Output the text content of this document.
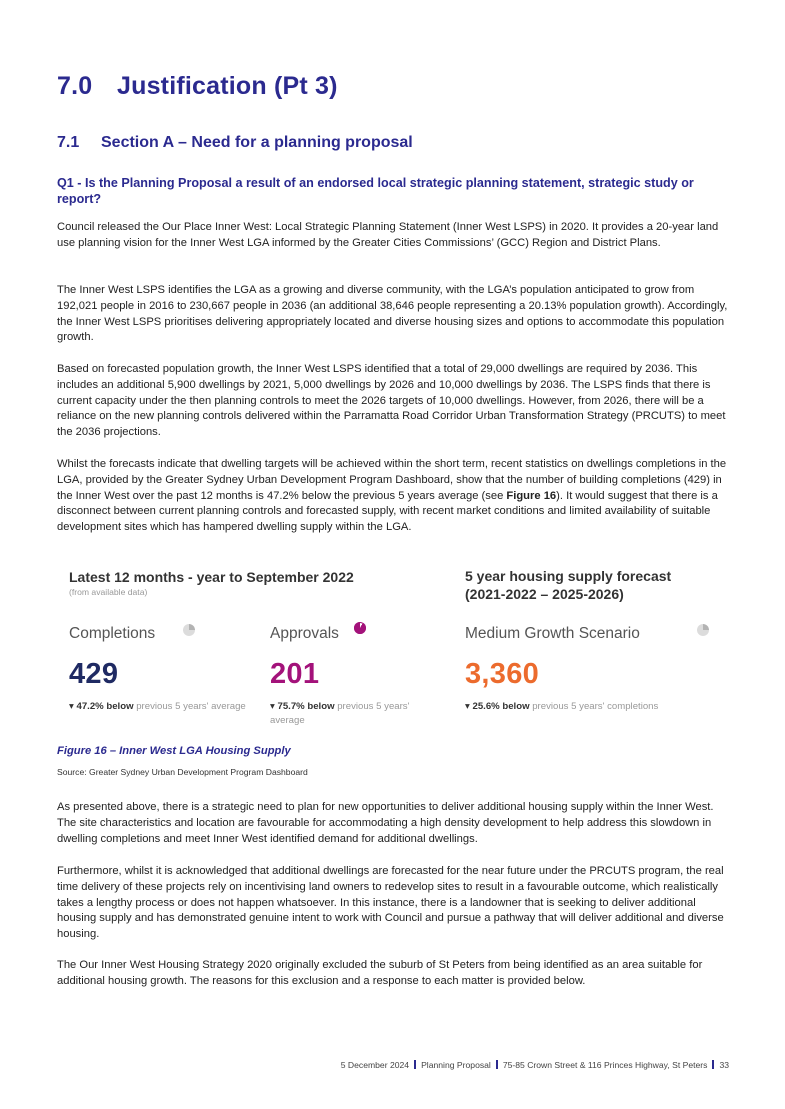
7.0 Justification (Pt 3)
7.1 Section A – Need for a planning proposal
Q1 - Is the Planning Proposal a result of an endorsed local strategic planning statement, strategic study or report?

Council released the Our Place Inner West: Local Strategic Planning Statement (Inner West LSPS) in 2020. It provides a 20-year land use planning vision for the Inner West LGA informed by the Greater Cities Commissions’ (GCC) Region and District Plans.

The Inner West LSPS identifies the LGA as a growing and diverse community, with the LGA’s population anticipated to grow from 192,021 people in 2016 to 230,667 people in 2036 (an additional 38,646 people representing a 20.13% population growth). Accordingly, the Inner West LSPS prioritises delivering appropriately located and diverse housing sizes and options to accommodate this population growth.

Based on forecasted population growth, the Inner West LSPS identified that a total of 29,000 dwellings are required by 2036. This includes an additional 5,900 dwellings by 2021, 5,000 dwellings by 2026 and 10,000 dwellings by 2036. The LSPS finds that there is current capacity under the then planning controls to meet the 2026 targets of 10,000 dwellings. However, from 2026, there will be a reliance on the new planning controls delivered within the Parramatta Road Corridor Urban Transformation Strategy (PRCUTS) to meet the 2036 projections.

Whilst the forecasts indicate that dwelling targets will be achieved within the short term, recent statistics on dwellings completions in the LGA, provided by the Greater Sydney Urban Development Program Dashboard, show that the number of building completions (429) in the Inner West over the past 12 months is 47.2% below the previous 5 years average (see Figure 16). It would suggest that there is a disconnect between current planning controls and forecasted supply, with recent market conditions and limited availability of suitable development sites which has hampered dwelling supply within the LGA.

Latest 12 months - year to September 2022
(from available data)
5 year housing supply forecast
(2021-2022 – 2025-2026)
Completions
429
▾ 47.2% below previous 5 years' average
Approvals
201
▾ 75.7% below previous 5 years' average
Medium Growth Scenario
3,360
▾ 25.6% below previous 5 years' completions
Figure 16 – Inner West LGA Housing Supply
Source: Greater Sydney Urban Development Program Dashboard

As presented above, there is a strategic need to plan for new opportunities to deliver additional housing supply within the Inner West. The site characteristics and location are favourable for accommodating a high density development to help address this slowdown in dwelling completions and meet Inner West identified demand for additional dwellings.

Furthermore, whilst it is acknowledged that additional dwellings are forecasted for the near future under the PRCUTS program, the real time delivery of these projects rely on incentivising land owners to redevelop sites to result in a favourable outcome, which realistically takes a lengthy process or does not happen whatsoever. In this instance, there is a landowner that is seeking to deliver additional housing supply and has demonstrated genuine intent to work with Council and pursue a pathway that will deliver additional and diverse housing.

The Our Inner West Housing Strategy 2020 originally excluded the suburb of St Peters from being identified as an area suitable for additional housing growth. The reasons for this exclusion and a response to each matter is provided below.

5 December 2024 Planning Proposal 75-85 Crown Street & 116 Princes Highway, St Peters 33
